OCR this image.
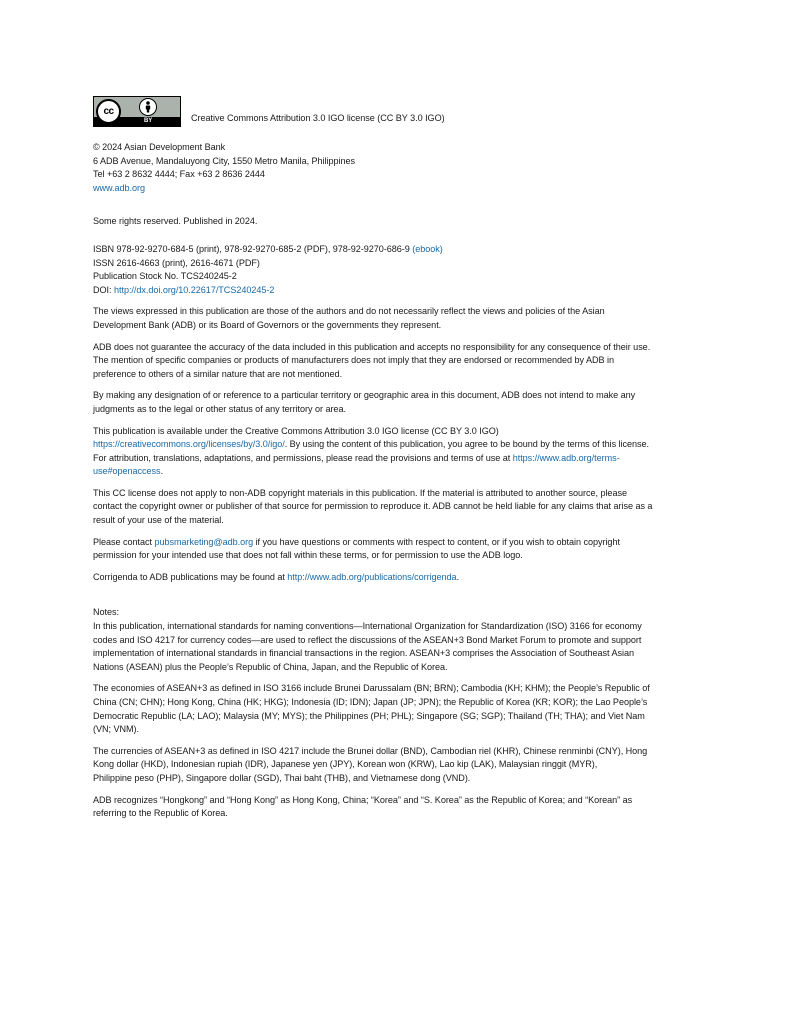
cc
BY	Creative Commons Attribution 3.0 IGO license (CC BY 3.0 IGO)
© 2024 Asian Development Bank
6 ADB Avenue, Mandaluyong City, 1550 Metro Manila, Philippines
Tel +63 2 8632 4444; Fax +63 2 8636 2444
www.adb.org

Some rights reserved. Published in 2024.

ISBN 978-92-9270-684-5 (print), 978-92-9270-685-2 (PDF), 978-92-9270-686-9 (ebook)
ISSN 2616-4663 (print), 2616-4671 (PDF)
Publication Stock No. TCS240245-2
DOI: http://dx.doi.org/10.22617/TCS240245-2

The views expressed in this publication are those of the authors and do not necessarily reflect the views and policies of the Asian
Development Bank (ADB) or its Board of Governors or the governments they represent.

ADB does not guarantee the accuracy of the data included in this publication and accepts no responsibility for any consequence of their use.
The mention of specific companies or products of manufacturers does not imply that they are endorsed or recommended by ADB in
preference to others of a similar nature that are not mentioned.

By making any designation of or reference to a particular territory or geographic area in this document, ADB does not intend to make any
judgments as to the legal or other status of any territory or area.

This publication is available under the Creative Commons Attribution 3.0 IGO license (CC BY 3.0 IGO)
https://creativecommons.org/licenses/by/3.0/igo/. By using the content of this publication, you agree to be bound by the terms of this license.
For attribution, translations, adaptations, and permissions, please read the provisions and terms of use at https://www.adb.org/terms-
use#openaccess.

This CC license does not apply to non-ADB copyright materials in this publication. If the material is attributed to another source, please
contact the copyright owner or publisher of that source for permission to reproduce it. ADB cannot be held liable for any claims that arise as a
result of your use of the material.

Please contact pubsmarketing@adb.org if you have questions or comments with respect to content, or if you wish to obtain copyright
permission for your intended use that does not fall within these terms, or for permission to use the ADB logo.

Corrigenda to ADB publications may be found at http://www.adb.org/publications/corrigenda.

Notes:
In this publication, international standards for naming conventions—International Organization for Standardization (ISO) 3166 for economy
codes and ISO 4217 for currency codes—are used to reflect the discussions of the ASEAN+3 Bond Market Forum to promote and support
implementation of international standards in financial transactions in the region. ASEAN+3 comprises the Association of Southeast Asian
Nations (ASEAN) plus the People’s Republic of China, Japan, and the Republic of Korea.

The economies of ASEAN+3 as defined in ISO 3166 include Brunei Darussalam (BN; BRN); Cambodia (KH; KHM); the People’s Republic of
China (CN; CHN); Hong Kong, China (HK; HKG); Indonesia (ID; IDN); Japan (JP; JPN); the Republic of Korea (KR; KOR); the Lao People’s
Democratic Republic (LA; LAO); Malaysia (MY; MYS); the Philippines (PH; PHL); Singapore (SG; SGP); Thailand (TH; THA); and Viet Nam
(VN; VNM).

The currencies of ASEAN+3 as defined in ISO 4217 include the Brunei dollar (BND), Cambodian riel (KHR), Chinese renminbi (CNY), Hong
Kong dollar (HKD), Indonesian rupiah (IDR), Japanese yen (JPY), Korean won (KRW), Lao kip (LAK), Malaysian ringgit (MYR),
Philippine peso (PHP), Singapore dollar (SGD), Thai baht (THB), and Vietnamese dong (VND).

ADB recognizes “Hongkong” and “Hong Kong” as Hong Kong, China; “Korea” and “S. Korea” as the Republic of Korea; and “Korean” as
referring to the Republic of Korea.
